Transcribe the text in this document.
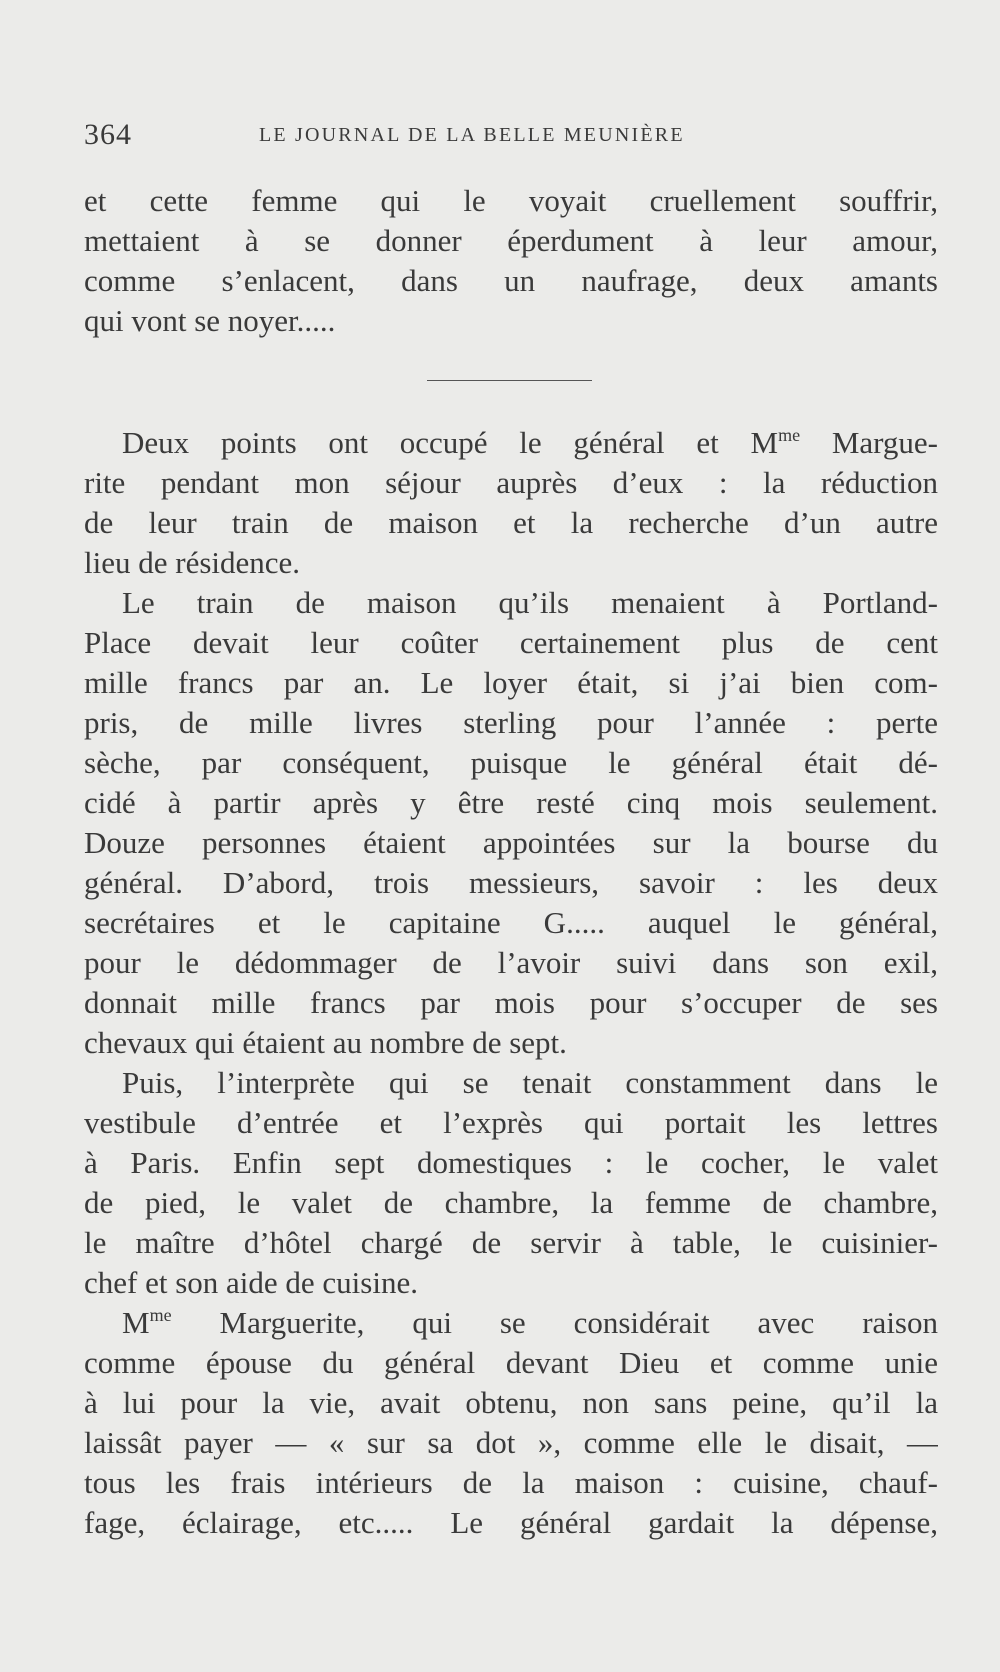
364	LE JOURNAL DE LA BELLE MEUNIÈRE
et cette femme qui le voyait cruellement souffrir,
mettaient à se donner éperdument à leur amour,
comme s’enlacent, dans un naufrage, deux amants
qui vont se noyer.....
Deux points ont occupé le général et $M^{me}$ Margue-
rite pendant mon séjour auprès d’eux : la réduction
de leur train de maison et la recherche d’un autre
lieu de résidence.
Le train de maison qu’ils menaient à Portland-
Place devait leur coûter certainement plus de cent
mille francs par an. Le loyer était, si j’ai bien com-
pris, de mille livres sterling pour l’année : perte
sèche, par conséquent, puisque le général était dé-
cidé à partir après y être resté cinq mois seulement.
Douze personnes étaient appointées sur la bourse du
général. D’abord, trois messieurs, savoir : les deux
secrétaires et le capitaine G..... auquel le général,
pour le dédommager de l’avoir suivi dans son exil,
donnait mille francs par mois pour s’occuper de ses
chevaux qui étaient au nombre de sept.
Puis, l’interprète qui se tenait constamment dans le
vestibule d’entrée et l’exprès qui portait les lettres
à Paris. Enfin sept domestiques : le cocher, le valet
de pied, le valet de chambre, la femme de chambre,
le maître d’hôtel chargé de servir à table, le cuisinier-
chef et son aide de cuisine.
$M^{me}$ Marguerite, qui se considérait avec raison
comme épouse du général devant Dieu et comme unie
à lui pour la vie, avait obtenu, non sans peine, qu’il la
laissât payer — « sur sa dot », comme elle le disait, —
tous les frais intérieurs de la maison : cuisine, chauf-
fage, éclairage, etc..... Le général gardait la dépense,
